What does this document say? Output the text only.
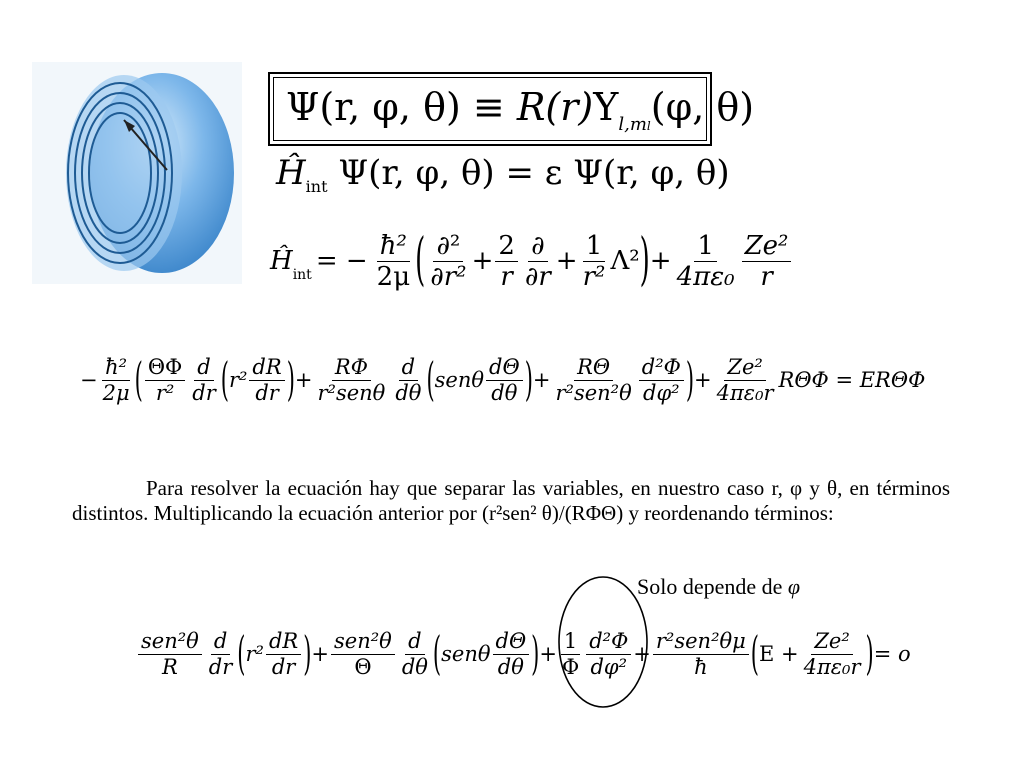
Ψ(r, φ, $\theta) \equiv R(r)Y_{l,ml}(\varphi$, θ)
$Ĥ_{int}$ Ψ(r, φ, θ) = ε Ψ(r, φ, θ)
$Ĥ_{int}$ = − $\frac{\text{ħ²}}{2\mu}$ ( $\frac{\text{∂²}}{\text{∂r²}} + \frac{2}{r} \frac{\partial}{\partial r} + \frac{1}{\text{r²}} \Lambda^2$ ) + $\frac{1}{\text{4πε₀}} \frac{\text{Ze²}}{r}$
− $\frac{\text{ħ²}}{2\mu}$ ( $\frac{\Theta\Phi}{\text{r²}} \frac{d}{dr}$ ( $r^2 \frac{dR}{dr}$ ) + $\frac{R\Phi}{\text{r²senθ}} \frac{d}{d\theta}$ ( senθ $\frac{d\Theta}{d\theta}$ ) + $\frac{R\Theta}{\text{r²sen²θ}} \frac{\text{d²Φ}}{\text{dφ²}}$ ) + $\frac{\text{Ze²}}{\text{4πε₀r}}$ RΘΦ = ERΘΦ
Para resolver la ecuación hay que separar las variables, en nuestro caso r, φ y θ, en términos distintos. Multiplicando la ecuación anterior por (r²sen² θ)/(RΦΘ) y reordenando términos:
Solo depende de φ
$\frac{\text{sen²θ}}{R} \frac{d}{dr}$ ( $r^2 \frac{dR}{dr}$ ) + $\frac{\text{sen²θ}}{\Theta} \frac{d}{d\theta}$ ( senθ $\frac{d\Theta}{d\theta}$ ) + $\frac{1}{\Phi} \frac{\text{d²Φ}}{\text{dφ²}} + \frac{\text{r²sen²θμ}}{ħ}$ ( $E + \frac{\text{Ze²}}{\text{4πε₀r}}$ ) = o
